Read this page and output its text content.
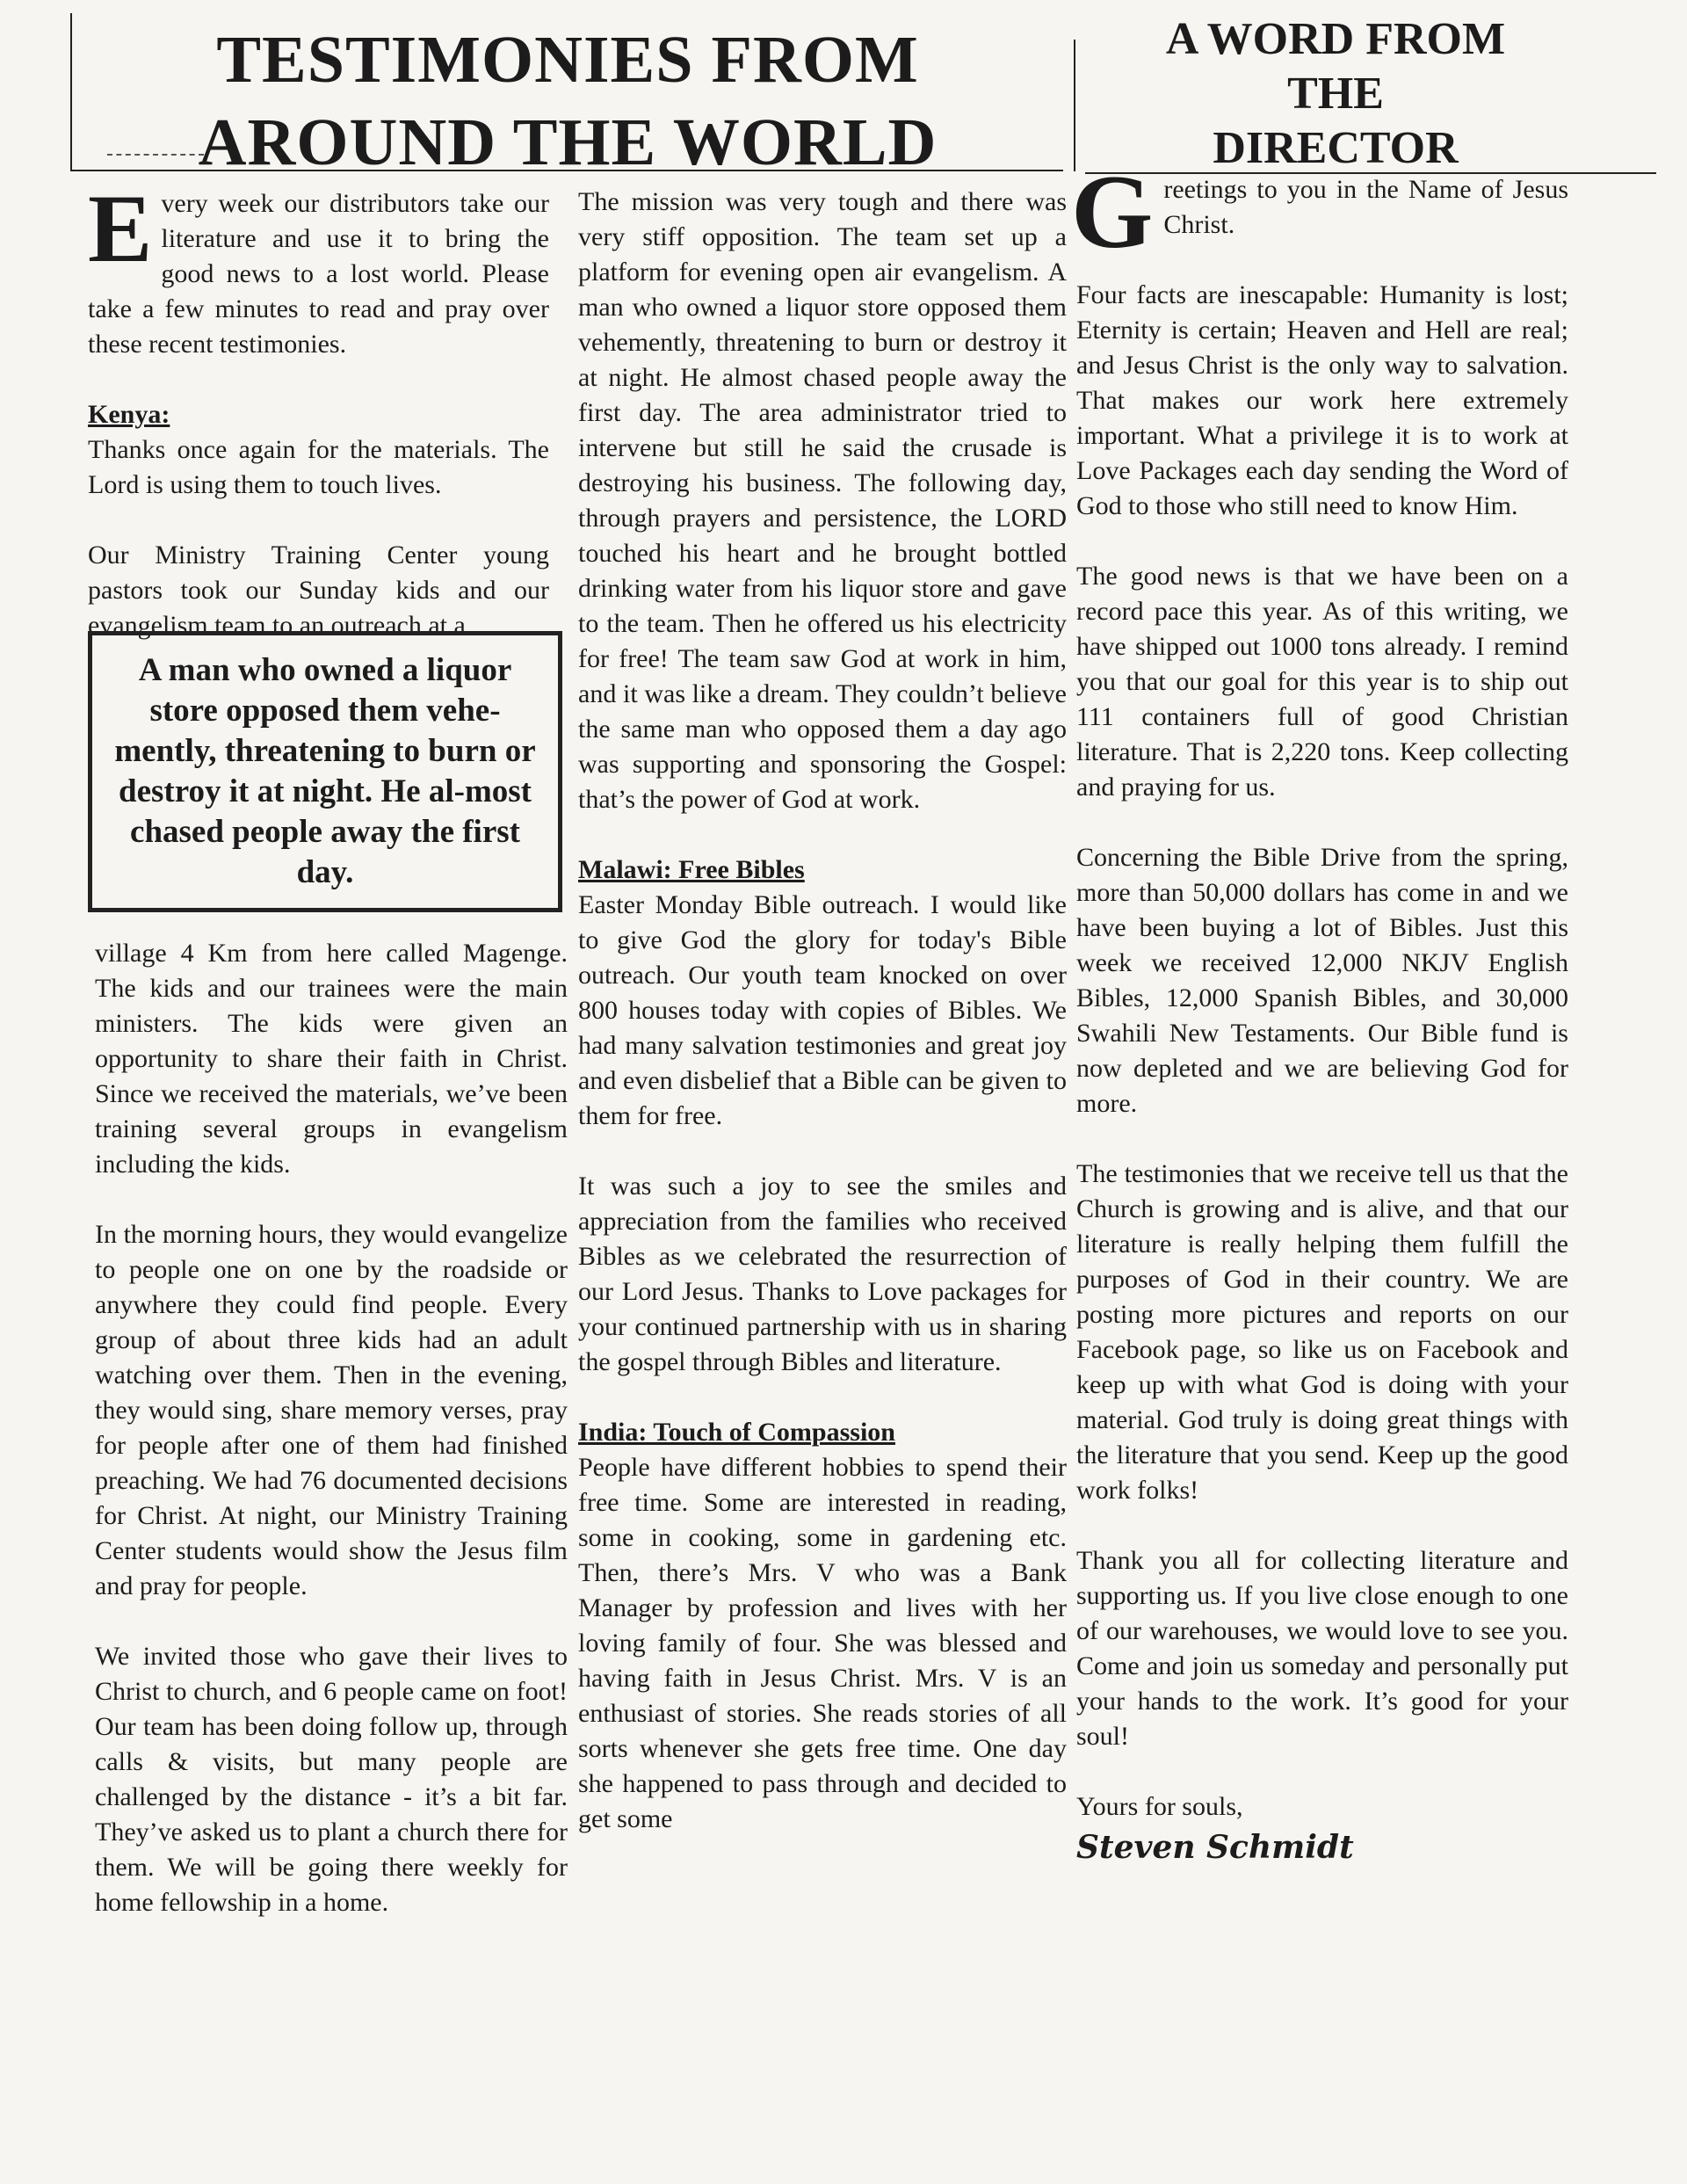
TESTIMONIES FROM
AROUND THE WORLD
A WORD FROM
THE
DIRECTOR

Every week our distributors take our literature and use it to bring the good news to a lost world. Please take a few minutes to read and pray over these recent testimonies.

Kenya:
Thanks once again for the materials. The Lord is using them to touch lives.

Our Ministry Training Center young pastors took our Sunday kids and our evangelism team to an outreach at a

A man who owned a liquor store opposed them vehe-mently, threatening to burn or destroy it at night. He al-most chased people away the first day.

village 4 Km from here called Magenge. The kids and our trainees were the main ministers. The kids were given an opportunity to share their faith in Christ. Since we received the materials, we’ve been training several groups in evangelism including the kids.

In the morning hours, they would evangelize to people one on one by the roadside or anywhere they could find people. Every group of about three kids had an adult watching over them. Then in the evening, they would sing, share memory verses, pray for people after one of them had finished preaching. We had 76 documented decisions for Christ. At night, our Ministry Training Center students would show the Jesus film and pray for people.

We invited those who gave their lives to Christ to church, and 6 people came on foot! Our team has been doing follow up, through calls & visits, but many people are challenged by the distance - it’s a bit far. They’ve asked us to plant a church there for them. We will be going there weekly for home fellowship in a home.

The mission was very tough and there was very stiff opposition. The team set up a platform for evening open air evangelism. A man who owned a liquor store opposed them vehemently, threatening to burn or destroy it at night. He almost chased people away the first day. The area administrator tried to intervene but still he said the crusade is destroying his business. The following day, through prayers and persistence, the LORD touched his heart and he brought bottled drinking water from his liquor store and gave to the team. Then he offered us his electricity for free! The team saw God at work in him, and it was like a dream. They couldn’t believe the same man who opposed them a day ago was supporting and sponsoring the Gospel: that’s the power of God at work.

Malawi: Free Bibles
Easter Monday Bible outreach. I would like to give God the glory for today's Bible outreach. Our youth team knocked on over 800 houses today with copies of Bibles. We had many salvation testimonies and great joy and even disbelief that a Bible can be given to them for free.

It was such a joy to see the smiles and appreciation from the families who received Bibles as we celebrated the resurrection of our Lord Jesus. Thanks to Love packages for your continued partnership with us in sharing the gospel through Bibles and literature.

India: Touch of Compassion
People have different hobbies to spend their free time. Some are interested in reading, some in cooking, some in gardening etc. Then, there’s Mrs. V who was a Bank Manager by profession and lives with her loving family of four. She was blessed and having faith in Jesus Christ. Mrs. V is an enthusiast of stories. She reads stories of all sorts whenever she gets free time. One day she happened to pass through and decided to get some

Greetings to you in the Name of Jesus Christ.

Four facts are inescapable: Humanity is lost; Eternity is certain; Heaven and Hell are real; and Jesus Christ is the only way to salvation. That makes our work here extremely important. What a privilege it is to work at Love Packages each day sending the Word of God to those who still need to know Him.

The good news is that we have been on a record pace this year. As of this writing, we have shipped out 1000 tons already. I remind you that our goal for this year is to ship out 111 containers full of good Christian literature. That is 2,220 tons. Keep collecting and praying for us.

Concerning the Bible Drive from the spring, more than 50,000 dollars has come in and we have been buying a lot of Bibles. Just this week we received 12,000 NKJV English Bibles, 12,000 Spanish Bibles, and 30,000 Swahili New Testaments. Our Bible fund is now depleted and we are believing God for more.

The testimonies that we receive tell us that the Church is growing and is alive, and that our literature is really helping them fulfill the purposes of God in their country. We are posting more pictures and reports on our Facebook page, so like us on Facebook and keep up with what God is doing with your material. God truly is doing great things with the literature that you send. Keep up the good work folks!

Thank you all for collecting literature and supporting us. If you live close enough to one of our warehouses, we would love to see you. Come and join us someday and personally put your hands to the work. It’s good for your soul!

Yours for souls,
Steven Schmidt
